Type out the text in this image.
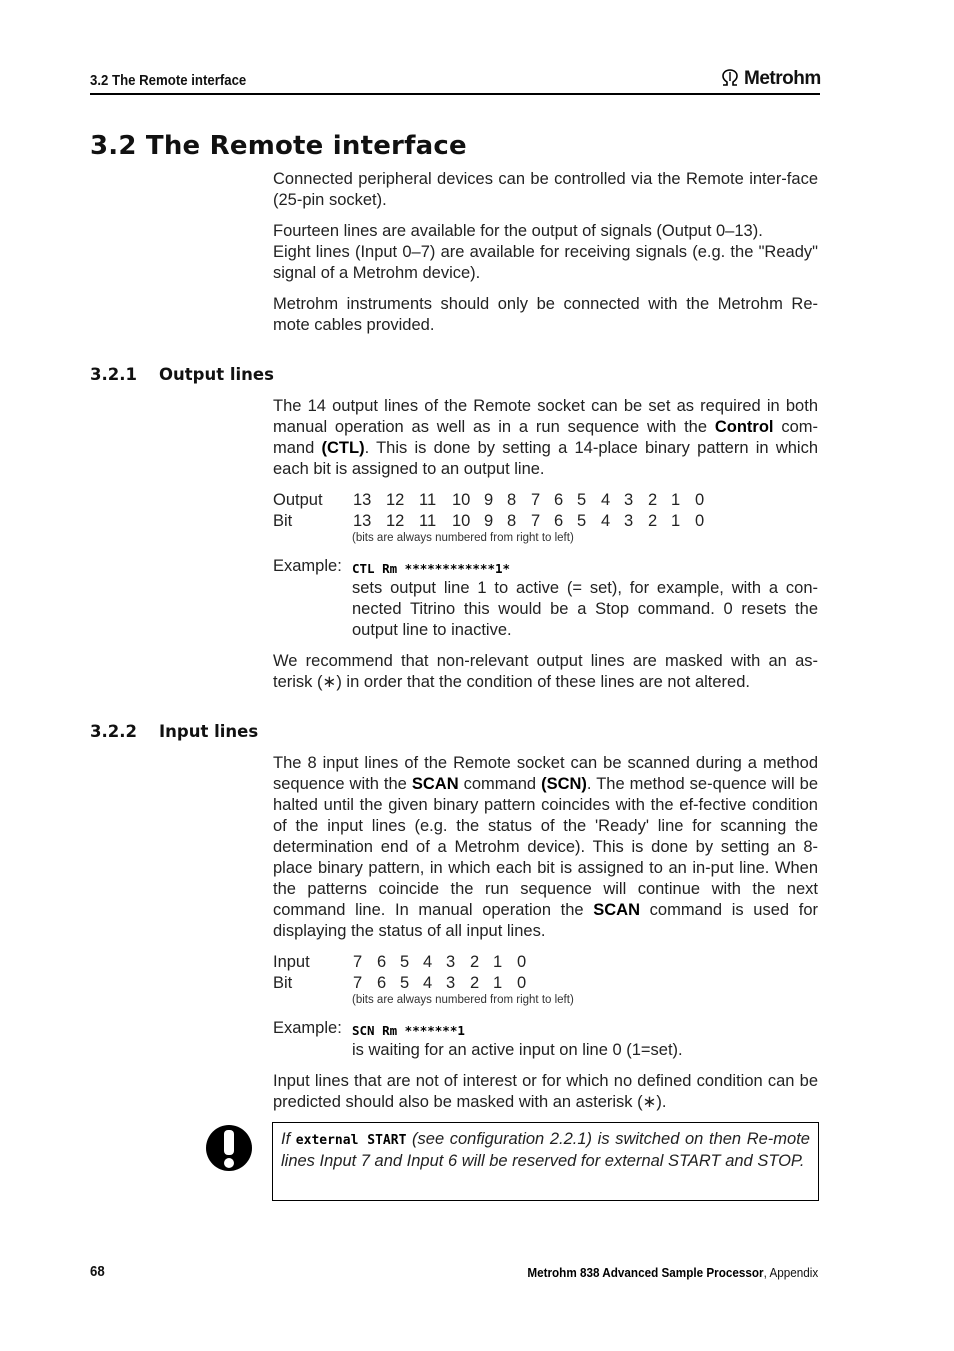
3.2 The Remote interface	Metrohm
3.2 The Remote interface

Connected peripheral devices can be controlled via the Remote inter-face (25-pin socket).

Fourteen lines are available for the output of signals (Output 0–13).

Eight lines (Input 0–7) are available for receiving signals (e.g. the "Ready" signal of a Metrohm device).

Metrohm instruments should only be connected with the Metrohm Re-mote cables provided.

3.2.1 Output lines

The 14 output lines of the Remote socket can be set as required in both manual operation as well as in a run sequence with the Control com-mand (CTL). This is done by setting a 14-place binary pattern in which each bit is assigned to an output line.

Output 13 12 11 10 9 8 7 6 5 4 3 2 1 0
Bit	13 12 11 10 9 8 7 6 5 4 3 2 1 0
(bits are always numbered from right to left)
Example: CTL Rm ************1*

sets output line 1 to active (= set), for example, with a con-nected Titrino this would be a Stop command. 0 resets the output line to inactive.

We recommend that non-relevant output lines are masked with an as-terisk (∗) in order that the condition of these lines are not altered.

3.2.2 Input lines

The 8 input lines of the Remote socket can be scanned during a method sequence with the SCAN command (SCN). The method se-quence will be halted until the given binary pattern coincides with the ef-fective condition of the input lines (e.g. the status of the 'Ready' line for scanning the determination end of a Metrohm device). This is done by setting an 8-place binary pattern, in which each bit is assigned to an in-put line. When the patterns coincide the run sequence will continue with the next command line. In manual operation the SCAN command is used for displaying the status of all input lines.

Input	7 6 5 4 3 2 1 0
Bit	7 6 5 4 3 2 1 0
(bits are always numbered from right to left)
Example: SCN Rm *******1

is waiting for an active input on line 0 (1=set).

Input lines that are not of interest or for which no defined condition can be predicted should also be masked with an asterisk (∗).

If external START (see configuration 2.2.1) is switched on then Re-mote lines Input 7 and Input 6 will be reserved for external START and STOP.

68	Metrohm 838 Advanced Sample Processor, Appendix
